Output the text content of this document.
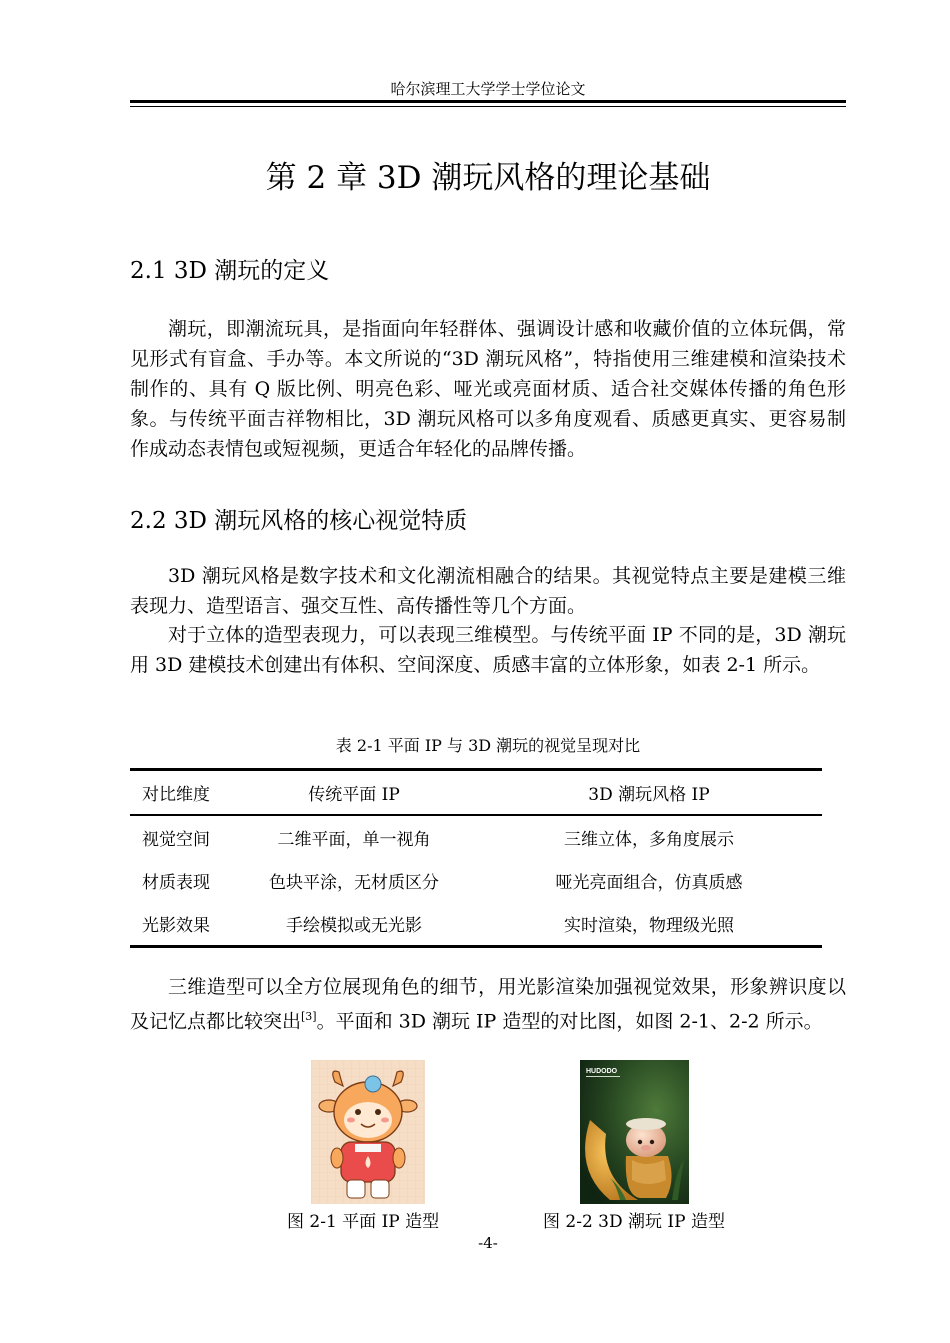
哈尔滨理工大学学士学位论文
第 2 章 3D 潮玩风格的理论基础
2.1 3D 潮玩的定义

潮玩，即潮流玩具，是指面向年轻群体、强调设计感和收藏价值的立体玩偶，常见形式有盲盒、手办等。本文所说的“3D 潮玩风格”，特指使用三维建模和渲染技术制作的、具有 Q 版比例、明亮色彩、哑光或亮面材质、适合社交媒体传播的角色形象。与传统平面吉祥物相比，3D 潮玩风格可以多角度观看、质感更真实、更容易制作成动态表情包或短视频，更适合年轻化的品牌传播。

2.2 3D 潮玩风格的核心视觉特质

3D 潮玩风格是数字技术和文化潮流相融合的结果。其视觉特点主要是建模三维表现力、造型语言、强交互性、高传播性等几个方面。

对于立体的造型表现力，可以表现三维模型。与传统平面 IP 不同的是，3D 潮玩用 3D 建模技术创建出有体积、空间深度、质感丰富的立体形象，如表 2-1 所示。

表 2-1 平面 IP 与 3D 潮玩的视觉呈现对比
对比维度	传统平面 IP	3D 潮玩风格 IP
视觉空间	二维平面，单一视角	三维立体，多角度展示
材质表现	色块平涂，无材质区分	哑光亮面组合，仿真质感
光影效果	手绘模拟或无光影	实时渲染，物理级光照

三维造型可以全方位展现角色的细节，用光影渲染加强视觉效果，形象辨识度以及记忆点都比较突出[3]。平面和 3D 潮玩 IP 造型的对比图，如图 2-1、2-2 所示。

HUDODO
图 2-1 平面 IP 造型	图 2-2 3D 潮玩 IP 造型
-4-
